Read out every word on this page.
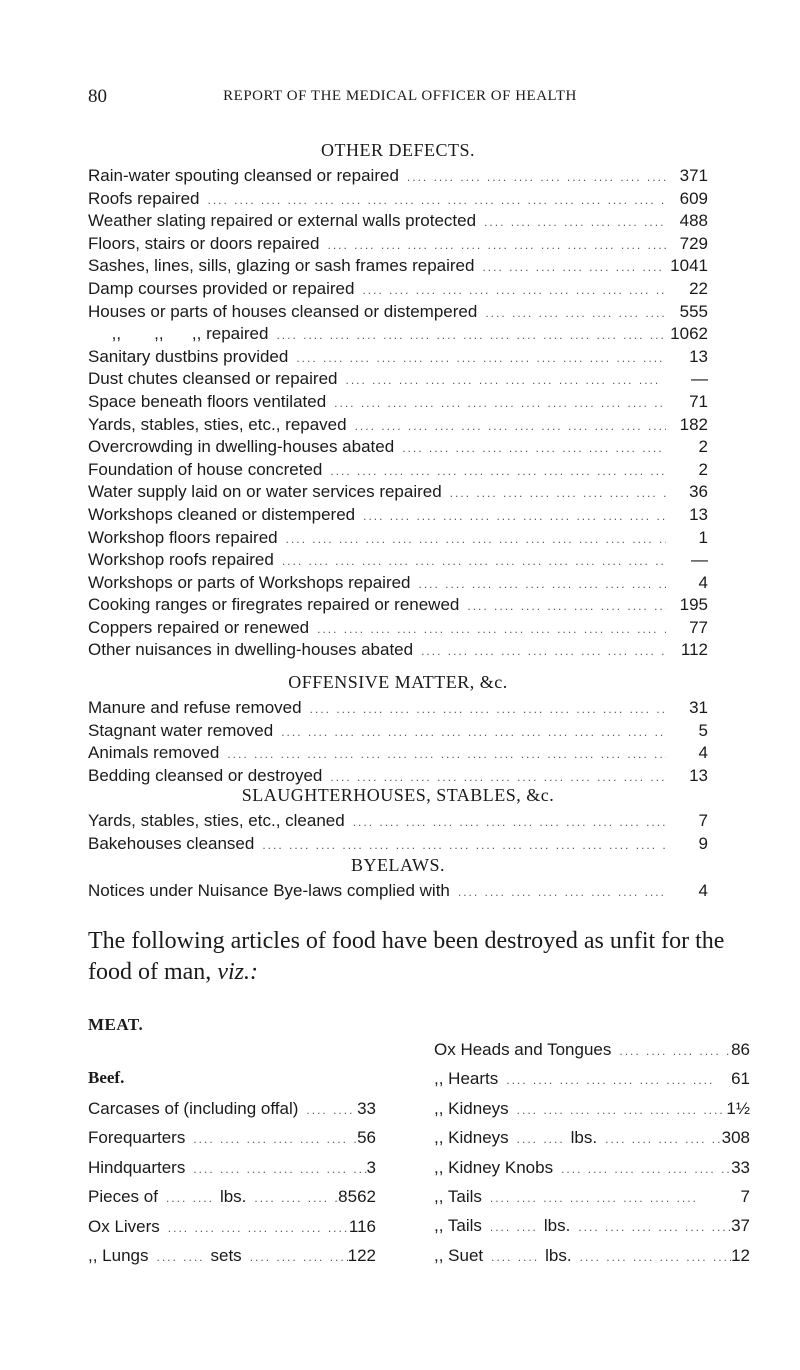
80	REPORT OF THE MEDICAL OFFICER OF HEALTH
OTHER DEFECTS.
Rain-water spouting cleansed or repaired ....	371
Roofs repaired ....	609
Weather slating repaired or external walls protected ....	488
Floors, stairs or doors repaired ....	729
Sashes, lines, sills, glazing or sash frames repaired ....	1041
Damp courses provided or repaired ....	22
Houses or parts of houses cleansed or distempered ....	555
,,       ,,      ,, repaired ....	1062
Sanitary dustbins provided ....	13
Dust chutes cleansed or repaired ....	—
Space beneath floors ventilated ....	71
Yards, stables, sties, etc., repaved ....	182
Overcrowding in dwelling-houses abated ....	2
Foundation of house concreted ....	2
Water supply laid on or water services repaired ....	36
Workshops cleaned or distempered ....	13
Workshop floors repaired ....	1
Workshop roofs repaired ....	—
Workshops or parts of Workshops repaired ....	4
Cooking ranges or firegrates repaired or renewed ....	195
Coppers repaired or renewed ....	77
Other nuisances in dwelling-houses abated ....	112
OFFENSIVE MATTER, &c.
Manure and refuse removed ....	31
Stagnant water removed ....	5
Animals removed ....	4
Bedding cleansed or destroyed ....	13
SLAUGHTERHOUSES, STABLES, &c.
Yards, stables, sties, etc., cleaned ....	7
Bakehouses cleansed ....	9
BYELAWS.
Notices under Nuisance Bye-laws complied with ....	4
The following articles of food have been destroyed as unfit for the food of man, viz.:
MEAT.
Beef.
Carcases of (including offal) ....	33
Forequarters ....	56
Hindquarters ....	3
Pieces of ....	lbs. ....	8562
Ox Livers ....	116
,, Lungs ....	sets ....	122
Ox Heads and Tongues ....	86
,, Hearts ....	61
,, Kidneys ....	1½
,, Kidneys ....	lbs. ....	308
,, Kidney Knobs ....	33
,, Tails ....	7
,, Tails ....	lbs. ....	37
,, Suet ....	lbs. ....	12
